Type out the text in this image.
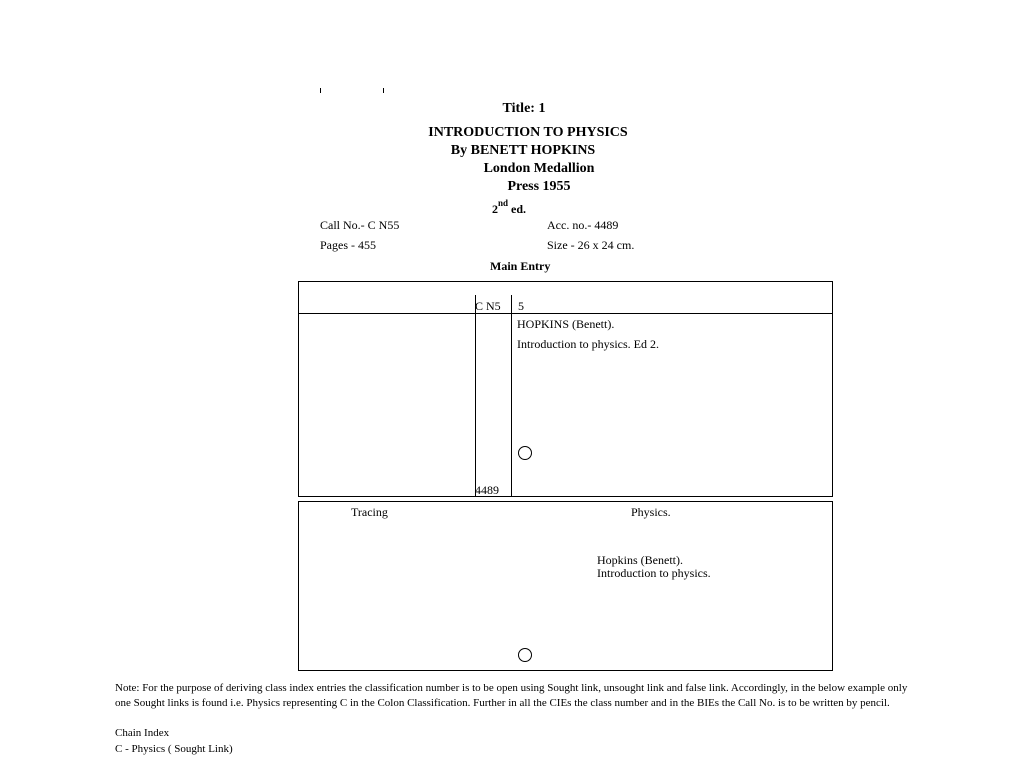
Title: 1
INTRODUCTION TO PHYSICS
By BENETT HOPKINS
London Medallion
Press 1955
2nd ed.
Call No.- C N55	Acc. no.- 4489
Pages - 455	Size - 26 x 24 cm.
Main Entry
C N5 5
HOPKINS (Benett).
Introduction to physics. Ed 2.
4489
Tracing	Physics.
Hopkins (Benett).
Introduction to physics.
Note: For the purpose of deriving class index entries the classification number is to be open using Sought link, unsought link and false link. Accordingly, in the below example only
one Sought links is found i.e. Physics representing C in the Colon Classification. Further in all the CIEs the class number and in the BIEs the Call No. is to be written by pencil.
Chain Index
C - Physics ( Sought Link)
